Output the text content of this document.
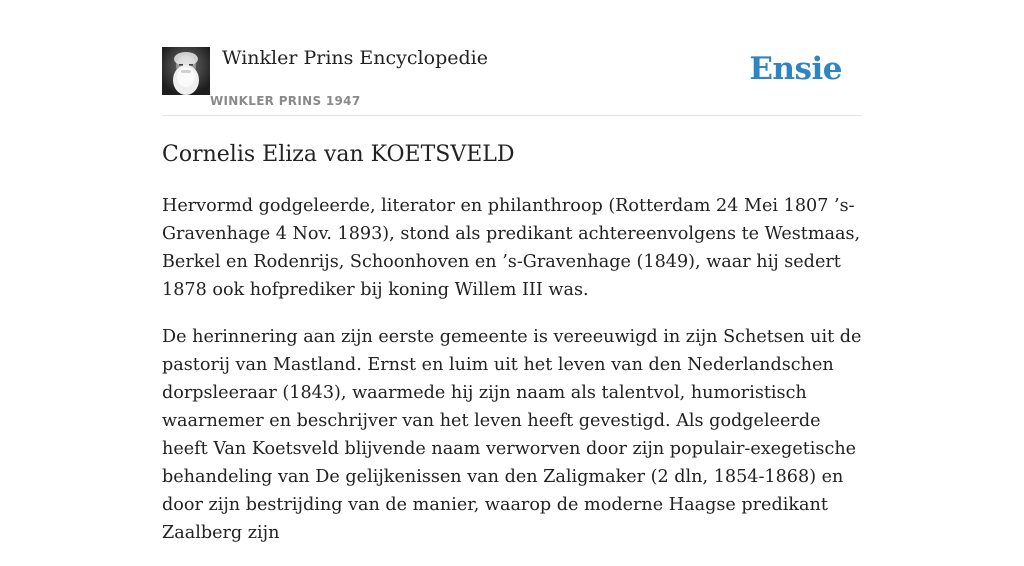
Winkler Prins Encyclopedie
WINKLER PRINS 1947
Ensie
Cornelis Eliza van KOETSVELD

Hervormd godgeleerde, literator en philanthroop (Rotterdam 24 Mei 1807 ’s-Gravenhage 4 Nov. 1893), stond als predikant achtereenvolgens te Westmaas, Berkel en Rodenrijs, Schoonhoven en ’s-Gravenhage (1849), waar hij sedert 1878 ook hofprediker bij koning Willem III was.

De herinnering aan zijn eerste gemeente is vereeuwigd in zijn Schetsen uit de pastorij van Mastland. Ernst en luim uit het leven van den Nederlandschen dorpsleeraar (1843), waarmede hij zijn naam als talentvol, humoristisch waarnemer en beschrijver van het leven heeft gevestigd. Als godgeleerde heeft Van Koetsveld blijvende naam verworven door zijn populair-exegetische behandeling van De gelijkenissen van den Zaligmaker (2 dln, 1854-1868) en door zijn bestrijding van de manier, waarop de moderne Haagse predikant Zaalberg zijn
